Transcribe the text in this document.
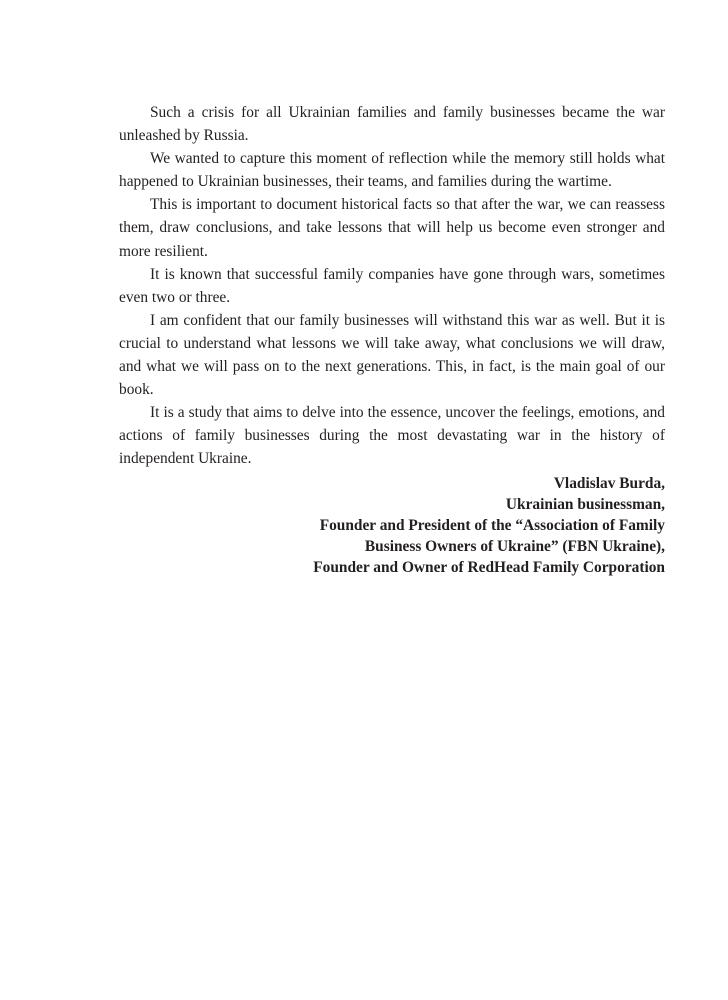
Such a crisis for all Ukrainian families and family businesses became the war unleashed by Russia.

We wanted to capture this moment of reflection while the memory still holds what happened to Ukrainian businesses, their teams, and families during the wartime.

This is important to document historical facts so that after the war, we can reassess them, draw conclusions, and take lessons that will help us become even stronger and more resilient.

It is known that successful family companies have gone through wars, sometimes even two or three.

I am confident that our family businesses will withstand this war as well. But it is crucial to understand what lessons we will take away, what conclusions we will draw, and what we will pass on to the next generations. This, in fact, is the main goal of our book.

It is a study that aims to delve into the essence, uncover the feelings, emotions, and actions of family businesses during the most devastating war in the history of independent Ukraine.

Vladislav Burda,
Ukrainian businessman,
Founder and President of the “Association of Family
Business Owners of Ukraine” (FBN Ukraine),
Founder and Owner of RedHead Family Corporation
